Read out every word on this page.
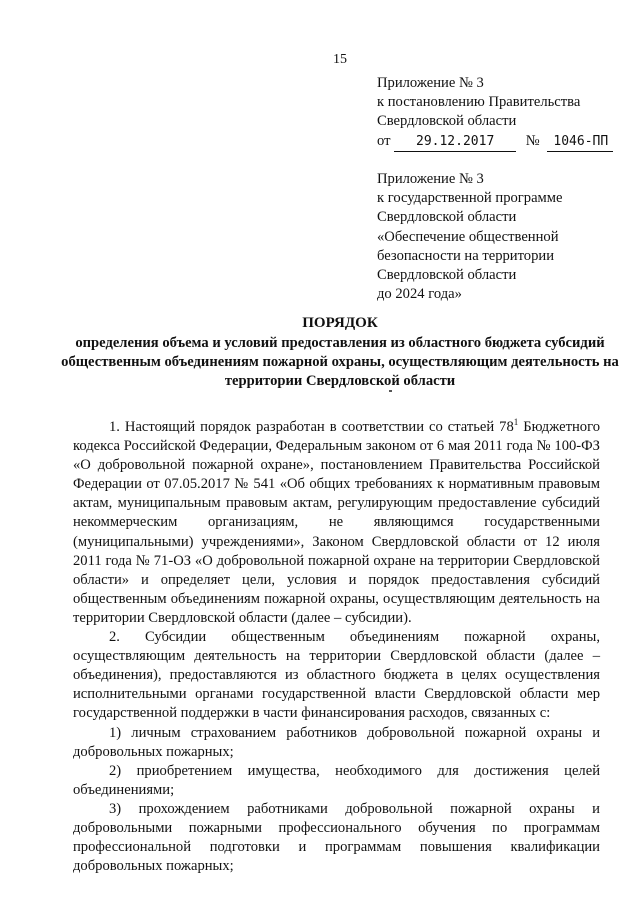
15
Приложение № 3
к постановлению Правительства
Свердловской области
от 29.12.2017 № 1046-ПП
Приложение № 3
к государственной программе
Свердловской области
«Обеспечение общественной
безопасности на территории
Свердловской области
до 2024 года»
ПОРЯДОК
определения объема и условий предоставления из областного бюджета субсидий общественным объединениям пожарной охраны, осуществляющим деятельность на территории Свердловской области

1. Настоящий порядок разработан в соответствии со статьей $78^1$ Бюджетного кодекса Российской Федерации, Федеральным законом от 6 мая 2011 года № 100-ФЗ «О добровольной пожарной охране», постановлением Правительства Российской Федерации от 07.05.2017 № 541 «Об общих требованиях к нормативным правовым актам, муниципальным правовым актам, регулирующим предоставление субсидий некоммерческим организациям, не являющимся государственными (муниципальными) учреждениями», Законом Свердловской области от 12 июля 2011 года № 71-ОЗ «О добровольной пожарной охране на территории Свердловской области» и определяет цели, условия и порядок предоставления субсидий общественным объединениям пожарной охраны, осуществляющим деятельность на территории Свердловской области (далее – субсидии).

2. Субсидии общественным объединениям пожарной охраны, осуществляющим деятельность на территории Свердловской области (далее – объединения), предоставляются из областного бюджета в целях осуществления исполнительными органами государственной власти Свердловской области мер государственной поддержки в части финансирования расходов, связанных с:

1) личным страхованием работников добровольной пожарной охраны и добровольных пожарных;

2) приобретением имущества, необходимого для достижения целей объединениями;

3) прохождением работниками добровольной пожарной охраны и добровольными пожарными профессионального обучения по программам профессиональной подготовки и программам повышения квалификации добровольных пожарных;
